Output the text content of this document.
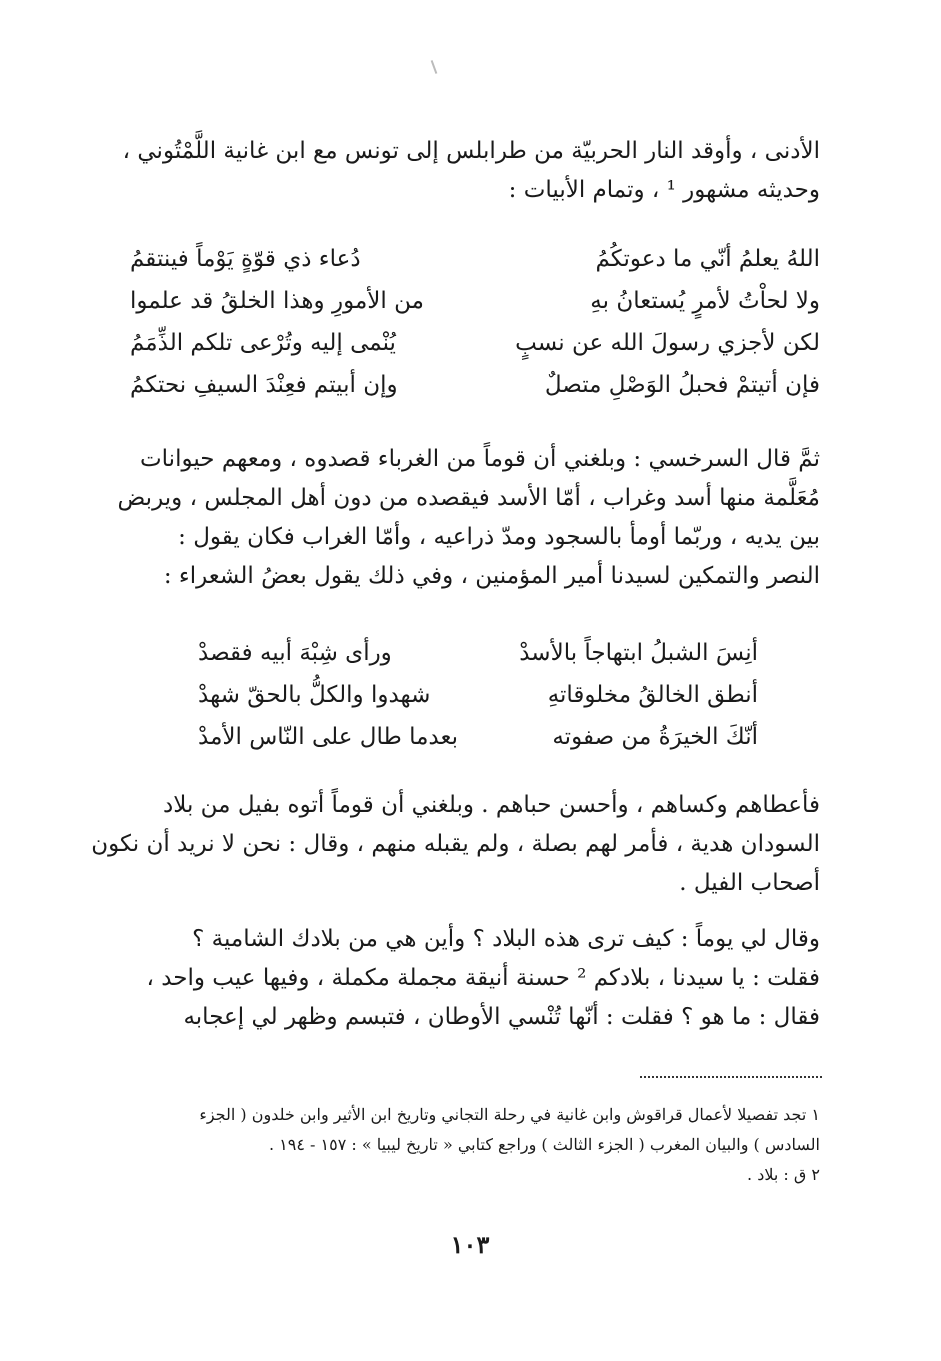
الأدنى ، وأوقد النار الحربيّة من طرابلس إلى تونس مع ابن غانية اللَّمْتُوني ،
وحديثه مشهور ¹ ، وتمام الأبيات :
اللهُ يعلمُ أنّي ما دعوتكُمُ
دُعاء ذي قوّةٍ يَوْماً فينتقمُ
ولا لحاْتُ لأمرٍ يُستعانُ بهِ
من الأمورِ وهذا الخلقُ قد علموا
لكن لأجزي رسولَ الله عن نسبٍ
يُنْمى إليه وتُرْعى تلكم الذِّمَمُ
فإن أتيتمْ فحبلُ الوَصْلِ متصلٌ
وإن أبيتم فعِنْدَ السيفِ نحتكمُ
ثمَّ قال السرخسي : وبلغني أن قوماً من الغرباء قصدوه ، ومعهم حيوانات
مُعَلَّمة منها أسد وغراب ، أمّا الأسد فيقصده من دون أهل المجلس ، ويربض
بين يديه ، وربّما أومأ بالسجود ومدّ ذراعيه ، وأمّا الغراب فكان يقول :
النصر والتمكين لسيدنا أمير المؤمنين ، وفي ذلك يقول بعضُ الشعراء :
أنِسَ الشبلُ ابتهاجاً بالأسدْ
ورأى شِبْهَ أبيه فقصدْ
أنطق الخالقُ مخلوقاتهِ
شهدوا والكلُّ بالحقّ شهدْ
أنّكَ الخيرَةُ من صفوته
بعدما طال على النّاس الأمدْ
فأعطاهم وكساهم ، وأحسن حباهم . وبلغني أن قوماً أتوه بفيل من بلاد
السودان هدية ، فأمر لهم بصلة ، ولم يقبله منهم ، وقال : نحن لا نريد أن نكون
أصحاب الفيل .
وقال لي يوماً : كيف ترى هذه البلاد ؟ وأين هي من بلادك الشامية ؟
فقلت : يا سيدنا ، بلادكم ² حسنة أنيقة مجملة مكملة ، وفيها عيب واحد ،
فقال : ما هو ؟ فقلت : أنّها تُنْسي الأوطان ، فتبسم وظهر لي إعجابه
١ تجد تفصيلا لأعمال قراقوش وابن غانية في رحلة التجاني وتاريخ ابن الأثير وابن خلدون ( الجزء
السادس ) والبيان المغرب ( الجزء الثالث ) وراجع كتابي « تاريخ ليبيا » : ١٥٧ - ١٩٤ .
٢ ق : بلاد .
١٠٣
